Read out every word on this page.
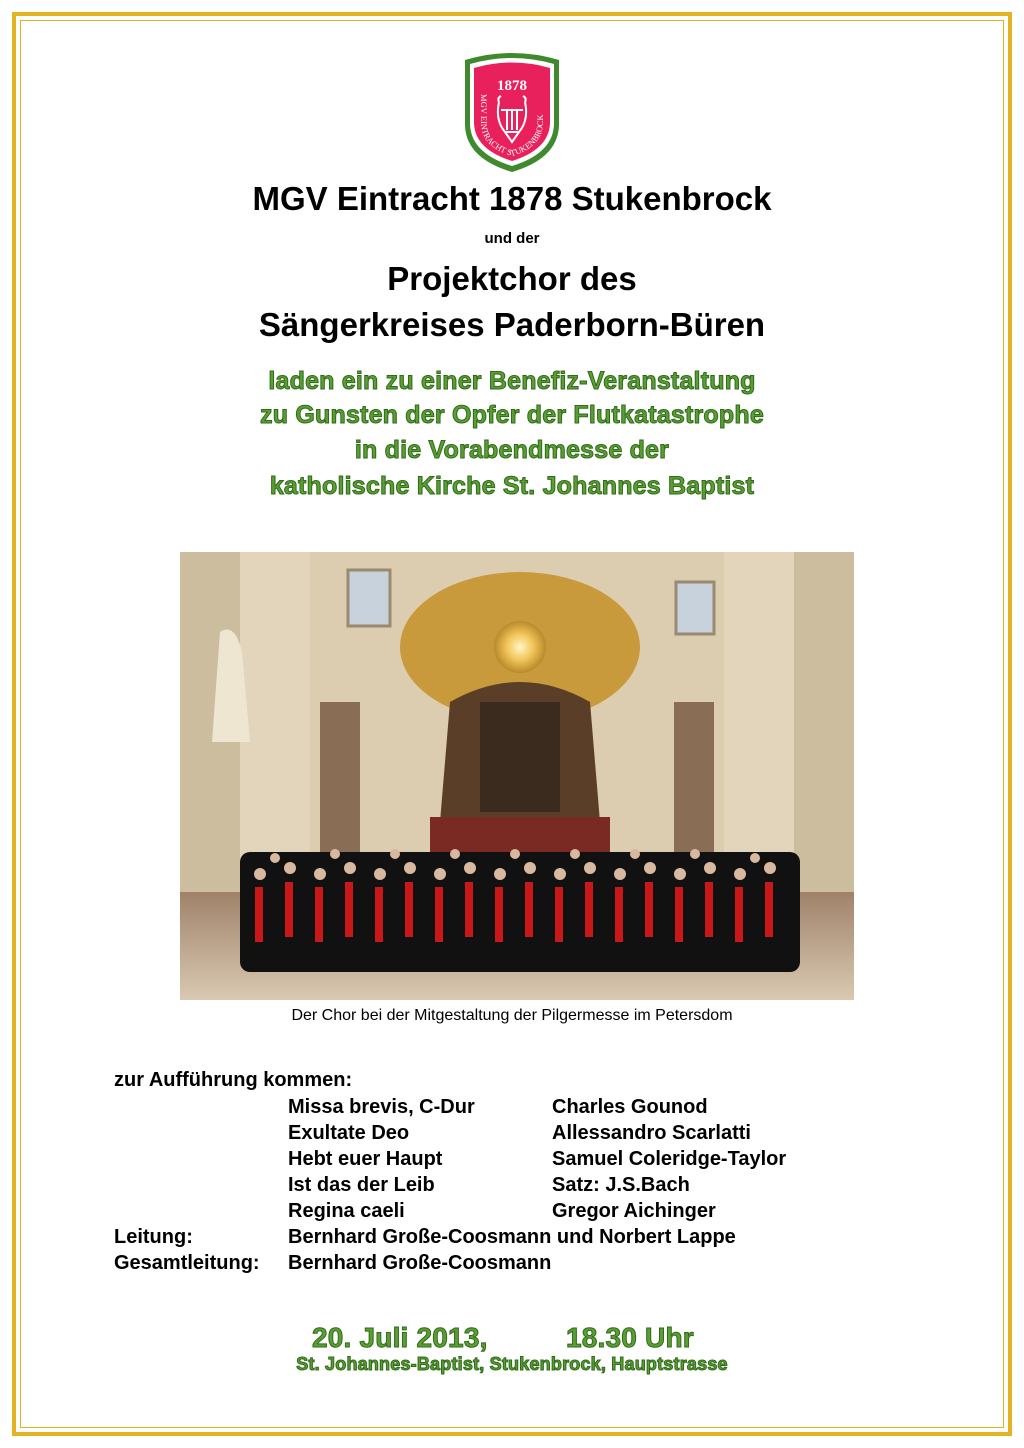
1878
MGV EINTRACHT STUKENBROCK
MGV Eintracht 1878 Stukenbrock
und der
Projektchor des
Sängerkreises Paderborn-Büren
laden ein zu einer Benefiz-Veranstaltung
zu Gunsten der Opfer der Flutkatastrophe
in die Vorabendmesse der
katholische Kirche St. Johannes Baptist
Der Chor bei der Mitgestaltung der Pilgermesse im Petersdom
zur Aufführung kommen:
Missa brevis, C-Dur	Charles Gounod
Exultate Deo	Allessandro Scarlatti
Hebt euer Haupt	Samuel Coleridge-Taylor
Ist das der Leib	Satz: J.S.Bach
Regina caeli	Gregor Aichinger
Leitung:	Bernhard Große-Coosmann und Norbert Lappe
Gesamtleitung: Bernhard Große-Coosmann
20. Juli 2013,	18.30 Uhr
St. Johannes-Baptist, Stukenbrock, Hauptstrasse
